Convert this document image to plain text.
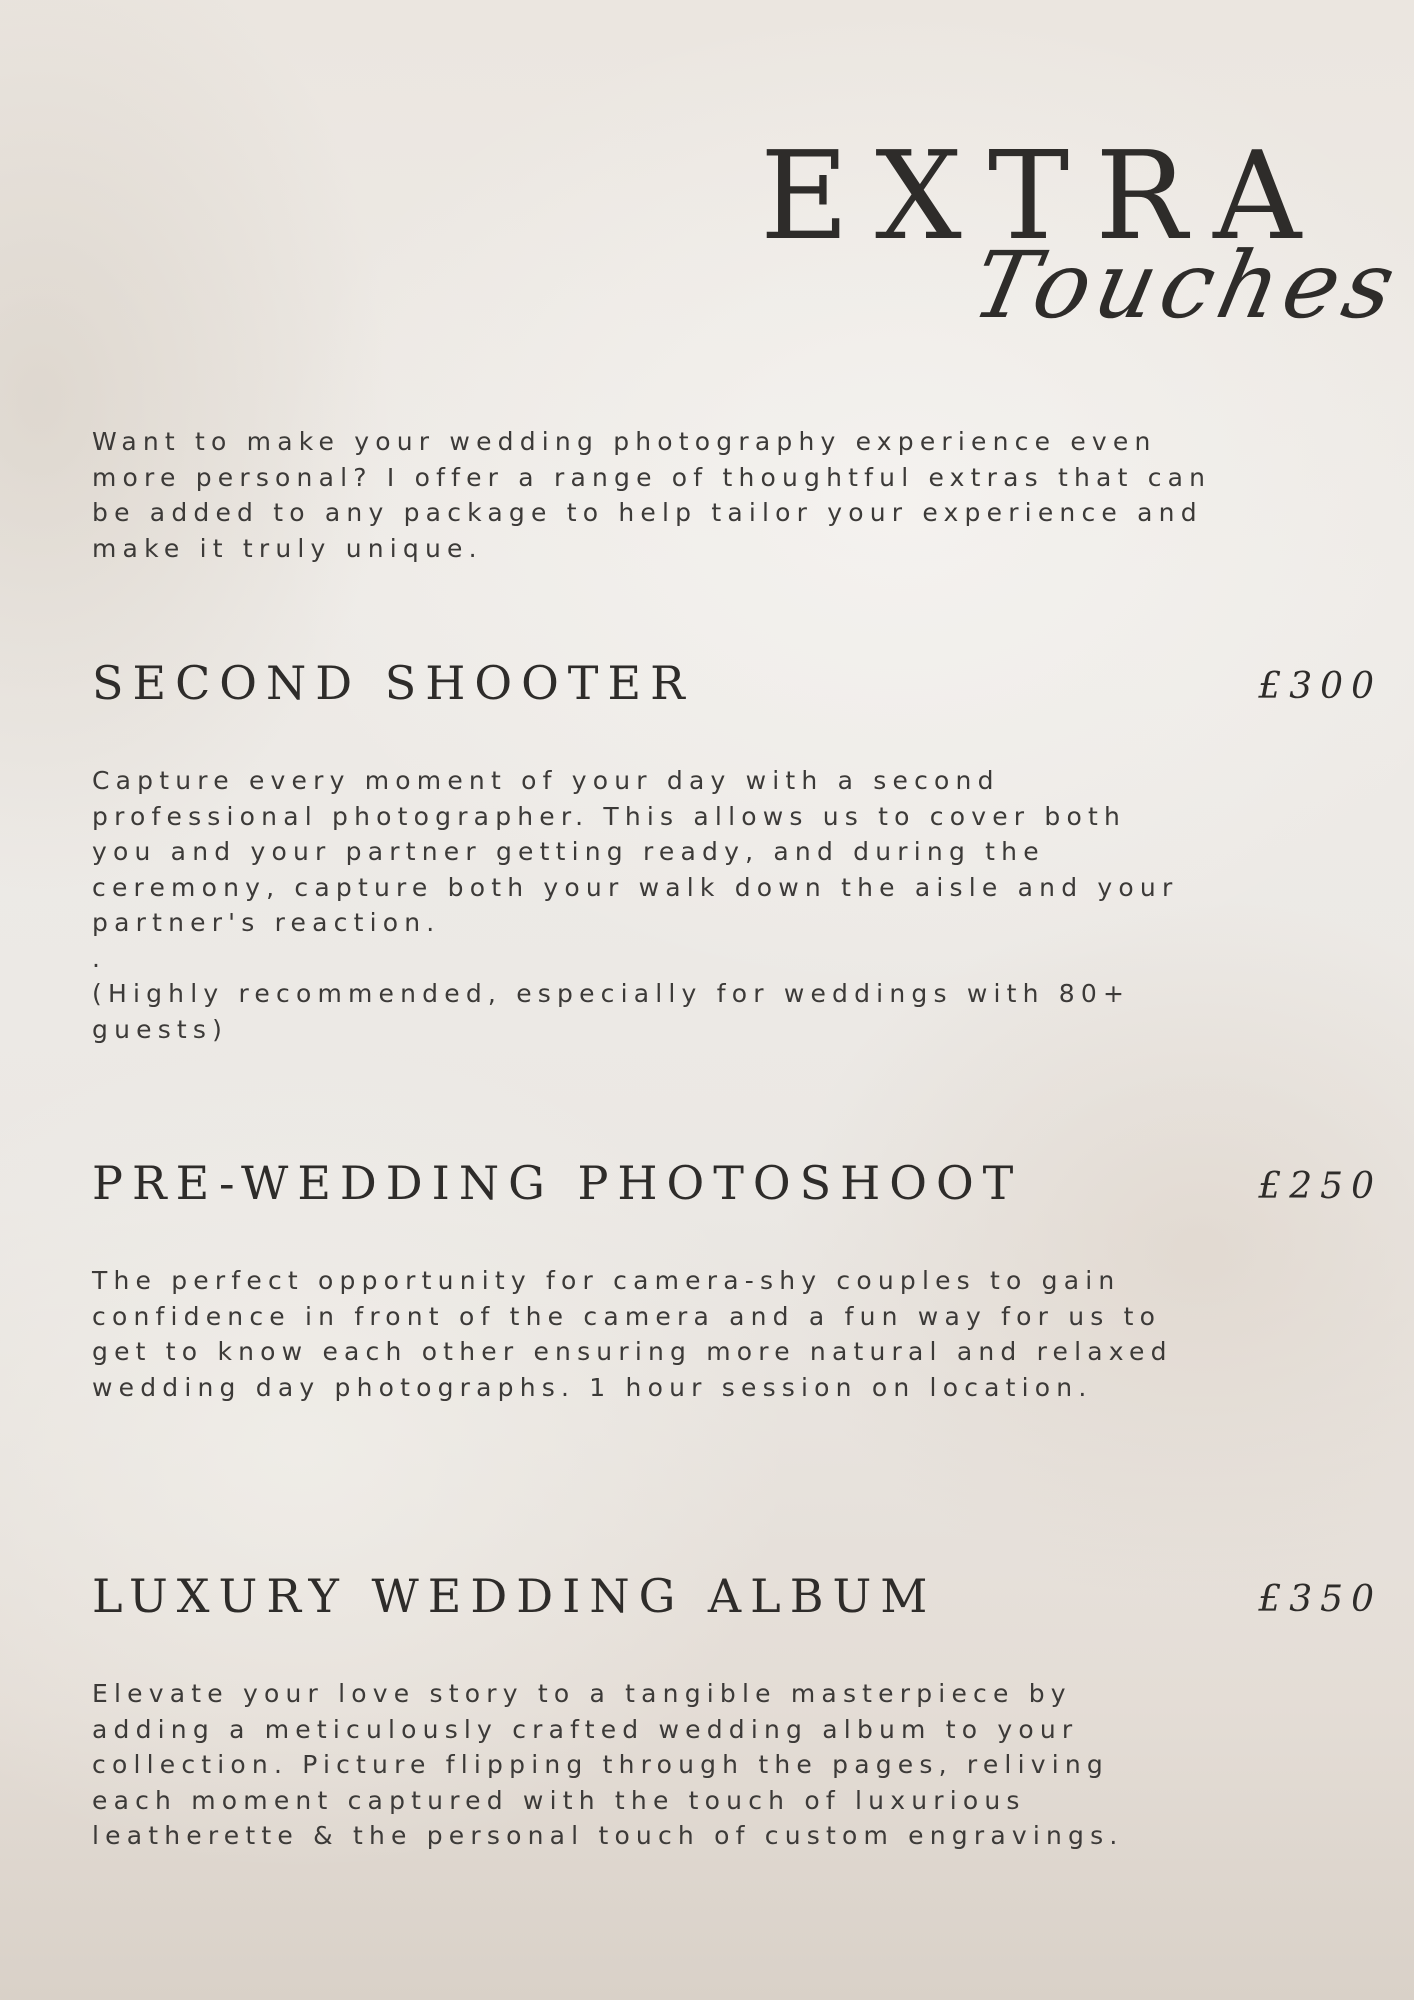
EXTRA
Touches

Want to make your wedding photography experience even more personal? I offer a range of thoughtful extras that can be added to any package to help tailor your experience and make it truly unique.

SECOND SHOOTER	£300

Capture every moment of your day with a second professional photographer. This allows us to cover both you and your partner getting ready, and during the ceremony, capture both your walk down the aisle and your partner's reaction.

.

(Highly recommended, especially for weddings with 80+ guests)

PRE-WEDDING PHOTOSHOOT	£250

The perfect opportunity for camera-shy couples to gain confidence in front of the camera and a fun way for us to get to know each other ensuring more natural and relaxed wedding day photographs. 1 hour session on location.

LUXURY WEDDING ALBUM	£350

Elevate your love story to a tangible masterpiece by adding a meticulously crafted wedding album to your collection. Picture flipping through the pages, reliving each moment captured with the touch of luxurious leatherette & the personal touch of custom engravings.
